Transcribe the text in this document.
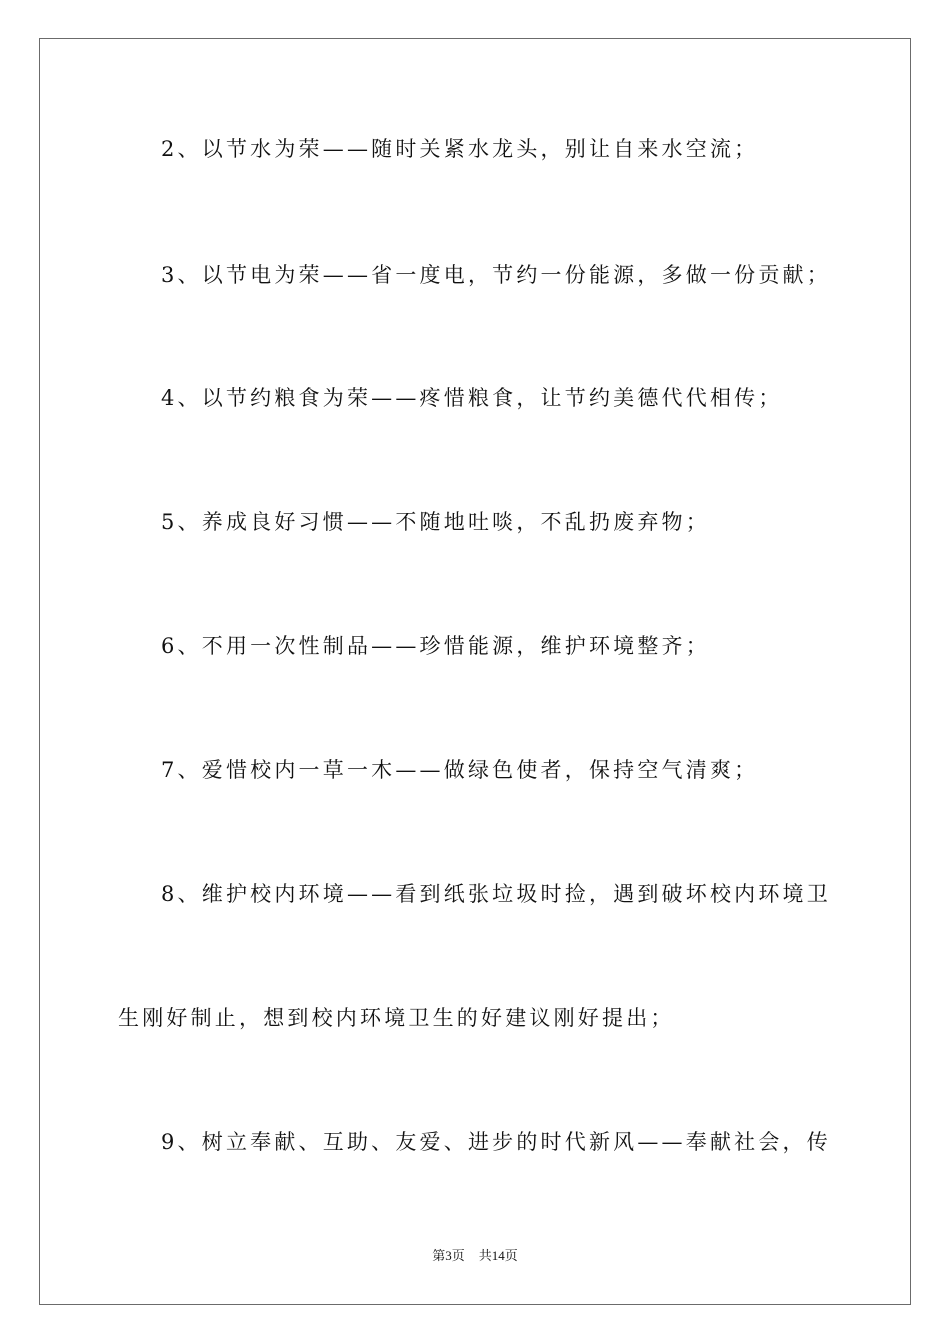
2、以节水为荣——随时关紧水龙头，别让自来水空流；
3、以节电为荣——省一度电，节约一份能源，多做一份贡献；
4、以节约粮食为荣——疼惜粮食，让节约美德代代相传；
5、养成良好习惯——不随地吐啖，不乱扔废弃物；
6、不用一次性制品——珍惜能源，维护环境整齐；
7、爱惜校内一草一木——做绿色使者，保持空气清爽；
8、维护校内环境——看到纸张垃圾时捡，遇到破坏校内环境卫
生刚好制止，想到校内环境卫生的好建议刚好提出；
9、树立奉献、互助、友爱、进步的时代新风——奉献社会，传
第3页 共14页
